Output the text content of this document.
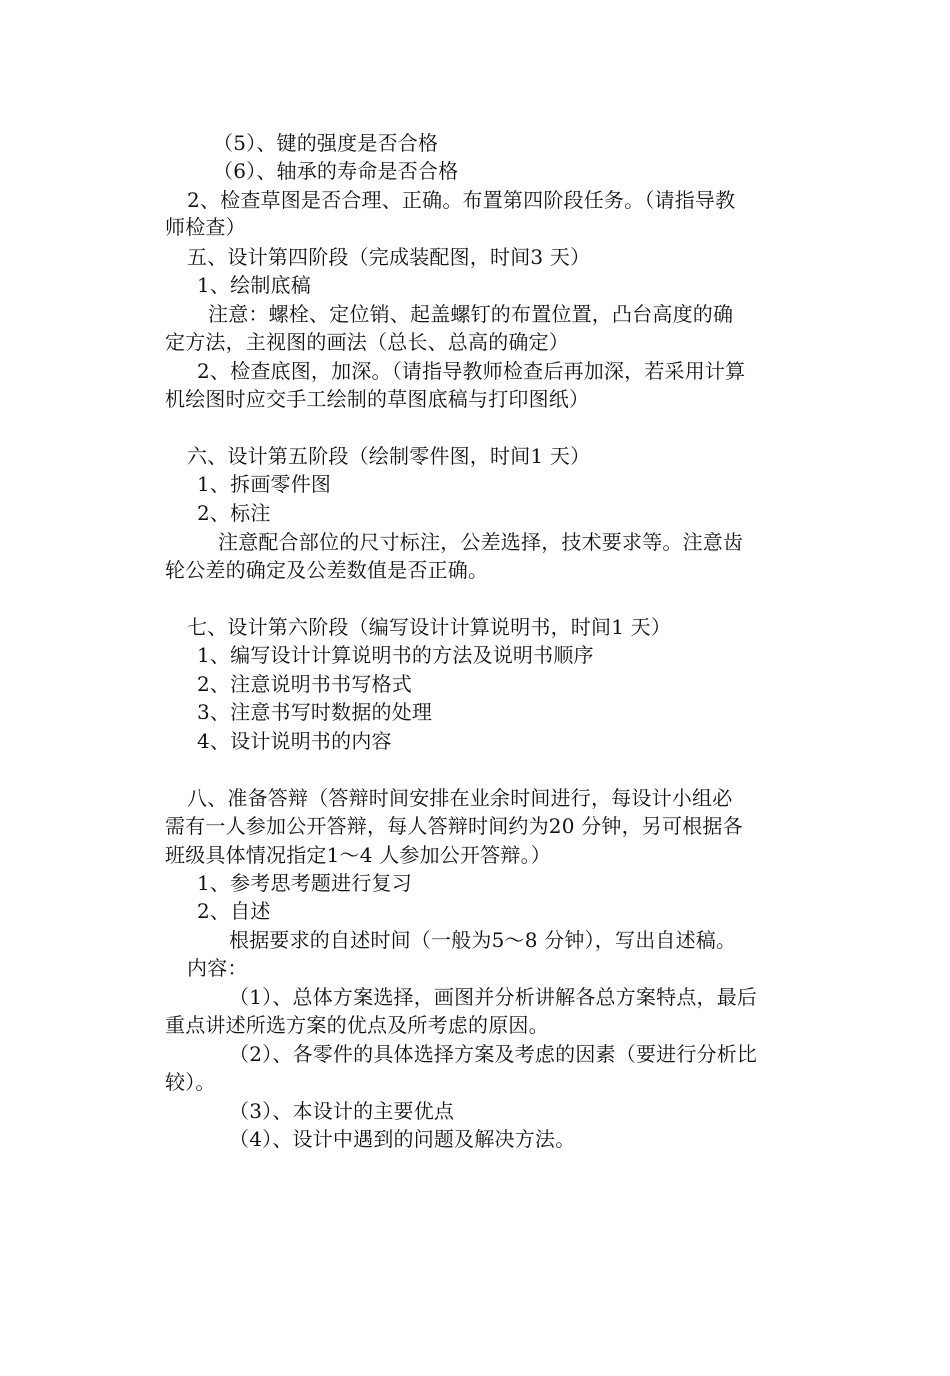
（5）、键的强度是否合格
（6）、轴承的寿命是否合格
2、检查草图是否合理、正确。布置第四阶段任务。（请指导教
师检查）
五、设计第四阶段（完成装配图，时间3 天）
1、绘制底稿
注意：螺栓、定位销、起盖螺钉的布置位置，凸台高度的确
定方法，主视图的画法（总长、总高的确定）
2、检查底图，加深。（请指导教师检查后再加深，若采用计算
机绘图时应交手工绘制的草图底稿与打印图纸）
六、设计第五阶段（绘制零件图，时间1 天）
1、拆画零件图
2、标注
注意配合部位的尺寸标注，公差选择，技术要求等。注意齿
轮公差的确定及公差数值是否正确。
七、设计第六阶段（编写设计计算说明书，时间1 天）
1、编写设计计算说明书的方法及说明书顺序
2、注意说明书书写格式
3、注意书写时数据的处理
4、设计说明书的内容
八、准备答辩（答辩时间安排在业余时间进行，每设计小组必
需有一人参加公开答辩，每人答辩时间约为20 分钟，另可根据各
班级具体情况指定1～4 人参加公开答辩。）
1、参考思考题进行复习
2、自述
根据要求的自述时间（一般为5～8 分钟），写出自述稿。
内容：
（1）、总体方案选择，画图并分析讲解各总方案特点，最后
重点讲述所选方案的优点及所考虑的原因。
（2）、各零件的具体选择方案及考虑的因素（要进行分析比
较）。
（3）、本设计的主要优点
（4）、设计中遇到的问题及解决方法。
